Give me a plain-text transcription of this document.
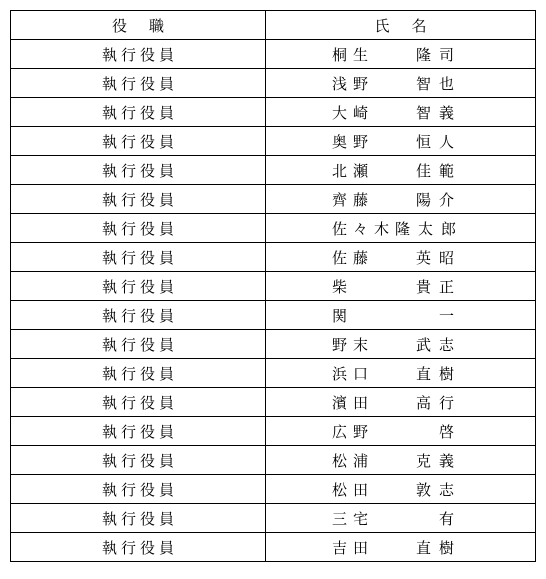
役職	氏名
執行役員	桐生 隆司

執行役員	浅野 智也

執行役員	大崎 智義

執行役員	奥野 恒人

執行役員	北瀬 佳範

執行役員	齊藤 陽介

執行役員	佐々木 隆太郎

執行役員	佐藤 英昭

執行役員	柴 貴正

執行役員	関 一

執行役員	野末 武志

執行役員	浜口 直樹

執行役員	濱田 高行

執行役員	広野 啓

執行役員	松浦 克義

執行役員	松田 敦志

執行役員	三宅 有

執行役員	吉田 直樹
